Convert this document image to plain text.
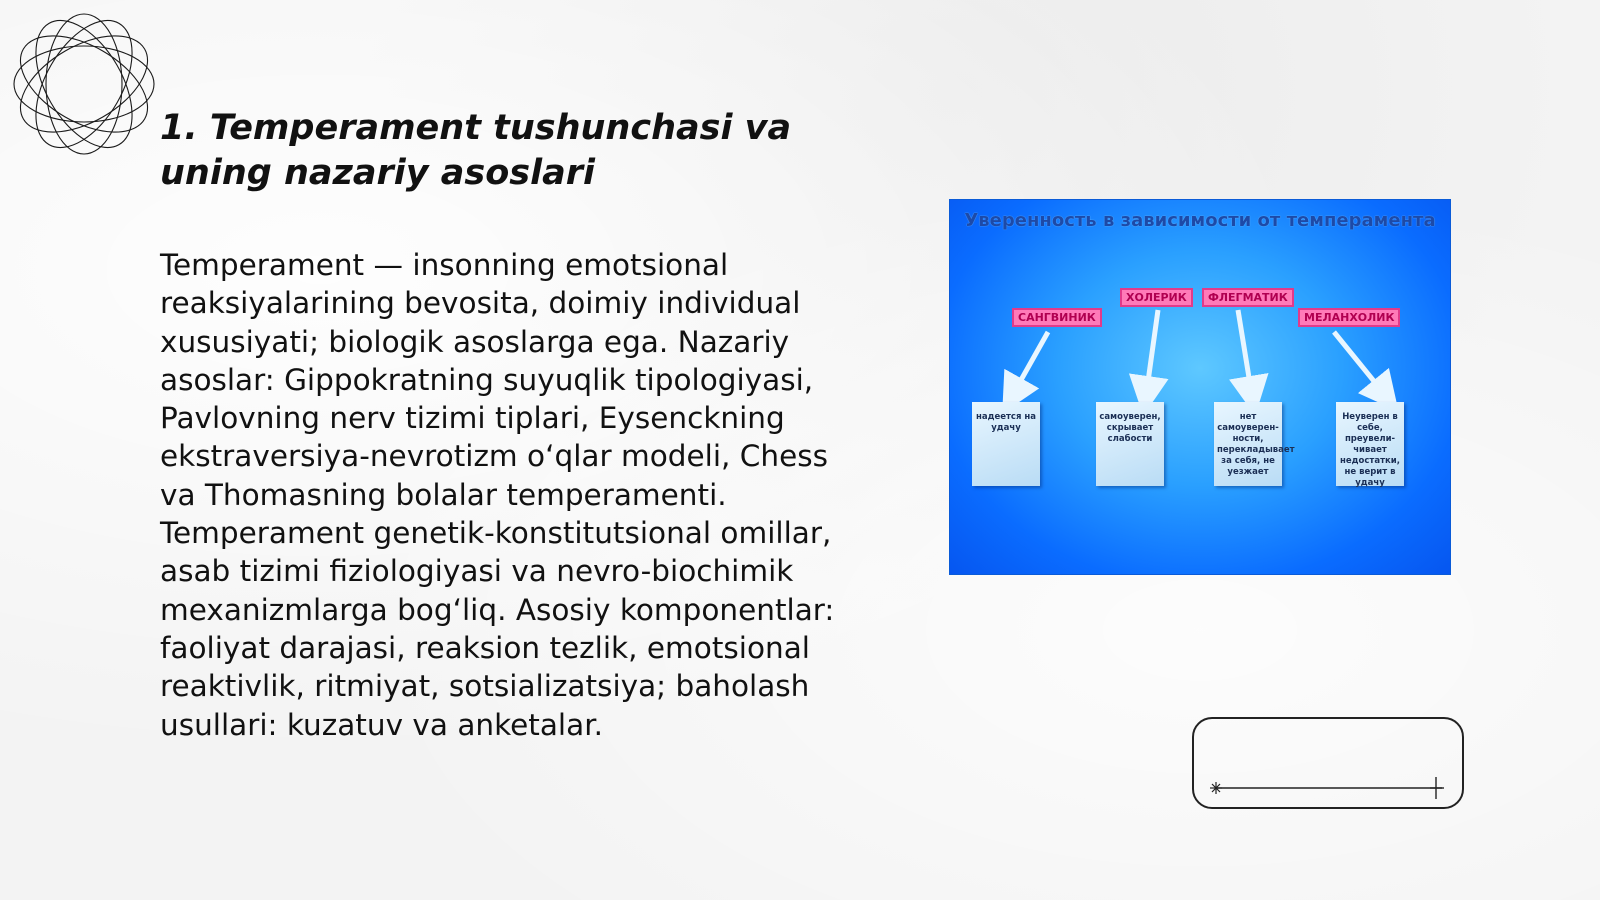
1. Temperament tushunchasi va uning nazariy asoslari

Temperament — insonning emotsional reaksiyalarining bevosita, doimiy individual xususiyati; biologik asoslarga ega. Nazariy asoslar: Gippokratning suyuqlik tipologiyasi, Pavlovning nerv tizimi tiplari, Eysenckning ekstraversiya-nevrotizm o‘qlar modeli, Chess va Thomasning bolalar temperamenti. Temperament genetik-konstitutsional omillar, asab tizimi fiziologiyasi va nevro-biochimik mexanizmlarga bog‘liq. Asosiy komponentlar: faoliyat darajasi, reaksion tezlik, emotsional reaktivlik, ritmiyat, sotsializatsiya; baholash usullari: kuzatuv va anketalar.

Уверенность в зависимости от темперамента
САНГВИНИК
ХОЛЕРИК	ФЛЕГМАТИК
МЕЛАНХОЛИК
надеется на удачу
самоуверен, скрывает слабости
нет самоуверен-ности, перекладывает за себя, не уезжает
Неуверен в себе, преувели-чивает недостатки, не верит в удачу
